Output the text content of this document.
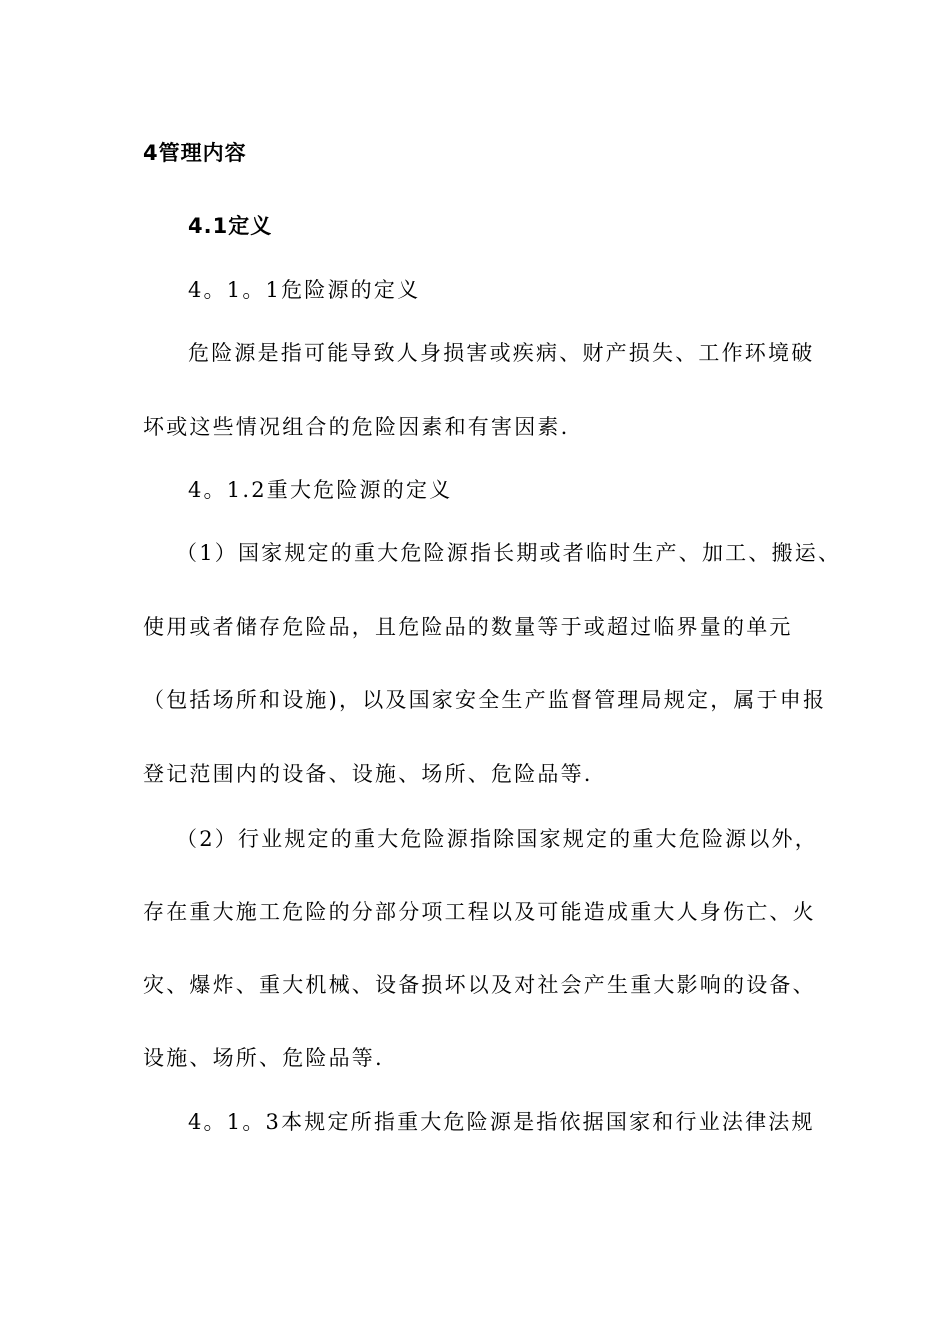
4管理内容
4.1定义
4。1。1危险源的定义
危险源是指可能导致人身损害或疾病、财产损失、工作环境破
坏或这些情况组合的危险因素和有害因素.
4。1.2重大危险源的定义
（1）国家规定的重大危险源指长期或者临时生产、加工、搬运、
使用或者储存危险品，且危险品的数量等于或超过临界量的单元
（包括场所和设施)，以及国家安全生产监督管理局规定，属于申报
登记范围内的设备、设施、场所、危险品等.
（2）行业规定的重大危险源指除国家规定的重大危险源以外，
存在重大施工危险的分部分项工程以及可能造成重大人身伤亡、火
灾、爆炸、重大机械、设备损坏以及对社会产生重大影响的设备、
设施、场所、危险品等.
4。1。3本规定所指重大危险源是指依据国家和行业法律法规
